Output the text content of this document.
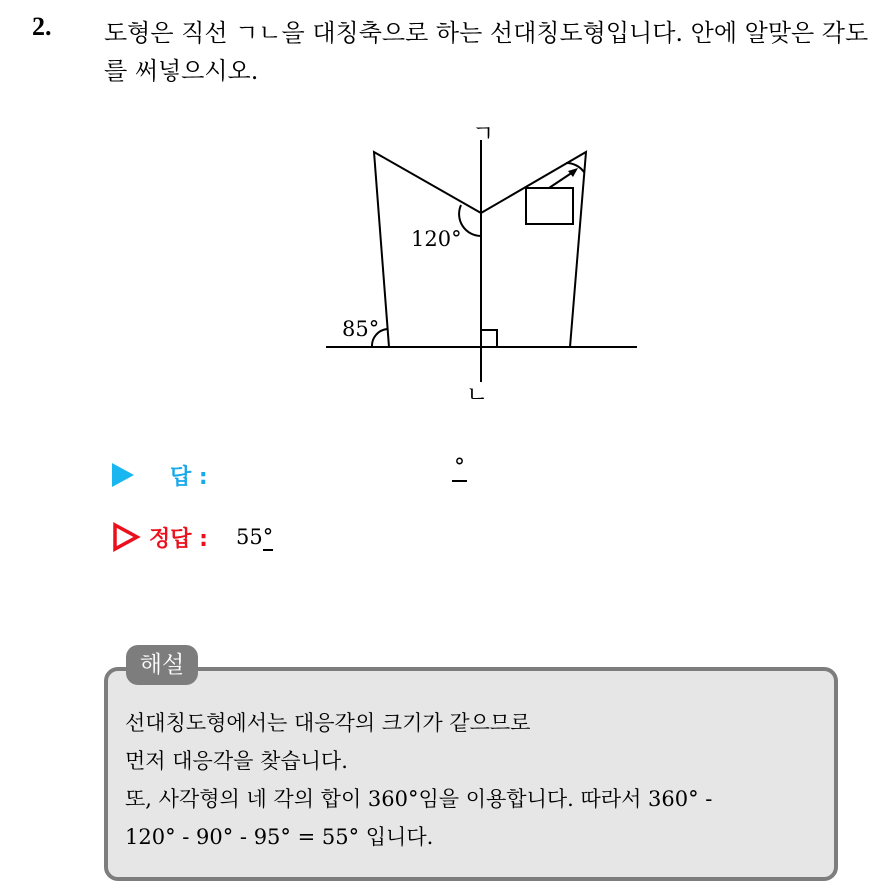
2. 도형은 직선 ㄱㄴ을 대칭축으로 하는 선대칭도형입니다. 안에 알맞은 각도를 써넣으시오.

ㄱ
ㄴ
120°
85°
답 :	°
정답 : 55°
해설
선대칭도형에서는 대응각의 크기가 같으므로
먼저 대응각을 찾습니다.
또, 사각형의 네 각의 합이 360°임을 이용합니다. 따라서 360° -
120° - 90° - 95° = 55° 입니다.
